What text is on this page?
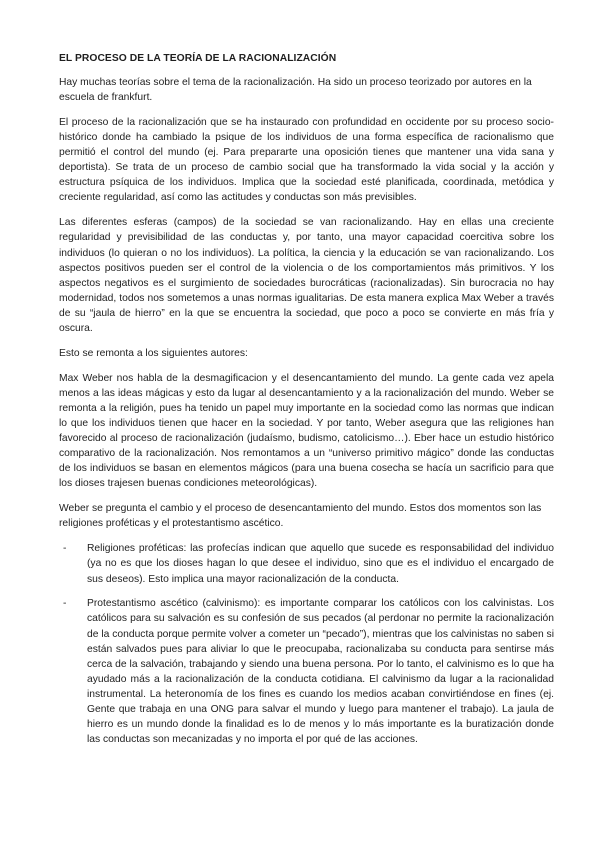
EL PROCESO DE LA TEORÍA DE LA RACIONALIZACIÓN

Hay muchas teorías sobre el tema de la racionalización. Ha sido un proceso teorizado por autores en la escuela de frankfurt.

El proceso de la racionalización que se ha instaurado con profundidad en occidente por su proceso socio-histórico donde ha cambiado la psique de los individuos de una forma específica de racionalismo que permitió el control del mundo (ej. Para prepararte una oposición tienes que mantener una vida sana y deportista). Se trata de un proceso de cambio social que ha transformado la vida social y la acción y estructura psíquica de los individuos. Implica que la sociedad esté planificada, coordinada, metódica y creciente regularidad, así como las actitudes y conductas son más previsibles.

Las diferentes esferas (campos) de la sociedad se van racionalizando. Hay en ellas una creciente regularidad y previsibilidad de las conductas y, por tanto, una mayor capacidad coercitiva sobre los individuos (lo quieran o no los individuos). La política, la ciencia y la educación se van racionalizando. Los aspectos positivos pueden ser el control de la violencia o de los comportamientos más primitivos. Y los aspectos negativos es el surgimiento de sociedades burocráticas (racionalizadas). Sin burocracia no hay modernidad, todos nos sometemos a unas normas igualitarias. De esta manera explica Max Weber a través de su “jaula de hierro” en la que se encuentra la sociedad, que poco a poco se convierte en más fría y oscura.

Esto se remonta a los siguientes autores:

Max Weber nos habla de la desmagificacion y el desencantamiento del mundo. La gente cada vez apela menos a las ideas mágicas y esto da lugar al desencantamiento y a la racionalización del mundo. Weber se remonta a la religión, pues ha tenido un papel muy importante en la sociedad como las normas que indican lo que los individuos tienen que hacer en la sociedad. Y por tanto, Weber asegura que las religiones han favorecido al proceso de racionalización (judaísmo, budismo, catolicismo…). Eber hace un estudio histórico comparativo de la racionalización. Nos remontamos a un “universo primitivo mágico” donde las conductas de los individuos se basan en elementos mágicos (para una buena cosecha se hacía un sacrificio para que los dioses trajesen buenas condiciones meteorológicas).

Weber se pregunta el cambio y el proceso de desencantamiento del mundo. Estos dos momentos son las religiones proféticas y el protestantismo ascético.

- Religiones proféticas: las profecías indican que aquello que sucede es responsabilidad del individuo (ya no es que los dioses hagan lo que desee el individuo, sino que es el individuo el encargado de sus deseos). Esto implica una mayor racionalización de la conducta.
- Protestantismo ascético (calvinismo): es importante comparar los católicos con los calvinistas. Los católicos para su salvación es su confesión de sus pecados (al perdonar no permite la racionalización de la conducta porque permite volver a cometer un “pecado”), mientras que los calvinistas no saben si están salvados pues para aliviar lo que le preocupaba, racionalizaba su conducta para sentirse más cerca de la salvación, trabajando y siendo una buena persona. Por lo tanto, el calvinismo es lo que ha ayudado más a la racionalización de la conducta cotidiana. El calvinismo da lugar a la racionalidad instrumental. La heteronomía de los fines es cuando los medios acaban convirtiéndose en fines (ej. Gente que trabaja en una ONG para salvar el mundo y luego para mantener el trabajo). La jaula de hierro es un mundo donde la finalidad es lo de menos y lo más importante es la buratización donde las conductas son mecanizadas y no importa el por qué de las acciones.
